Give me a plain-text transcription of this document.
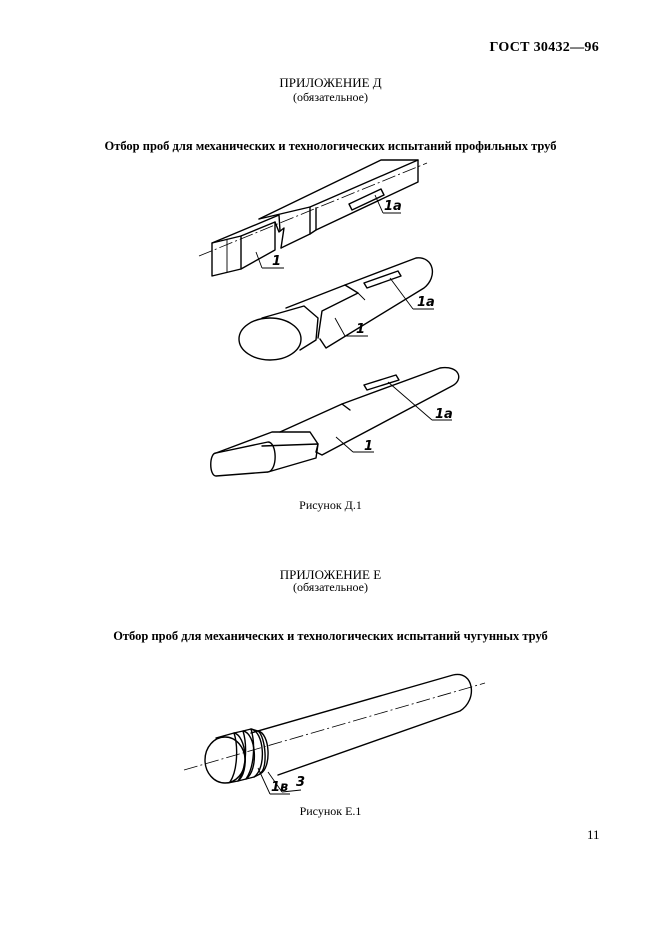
ГОСТ 30432—96
ПРИЛОЖЕНИЕ Д
(обязательное)
Отбор проб для механических и технологических испытаний профильных труб
1
1а
1
1а
1
1а
Рисунок Д.1
ПРИЛОЖЕНИЕ Е
(обязательное)
Отбор проб для механических и технологических испытаний чугунных труб
1в 3
Рисунок Е.1
11
